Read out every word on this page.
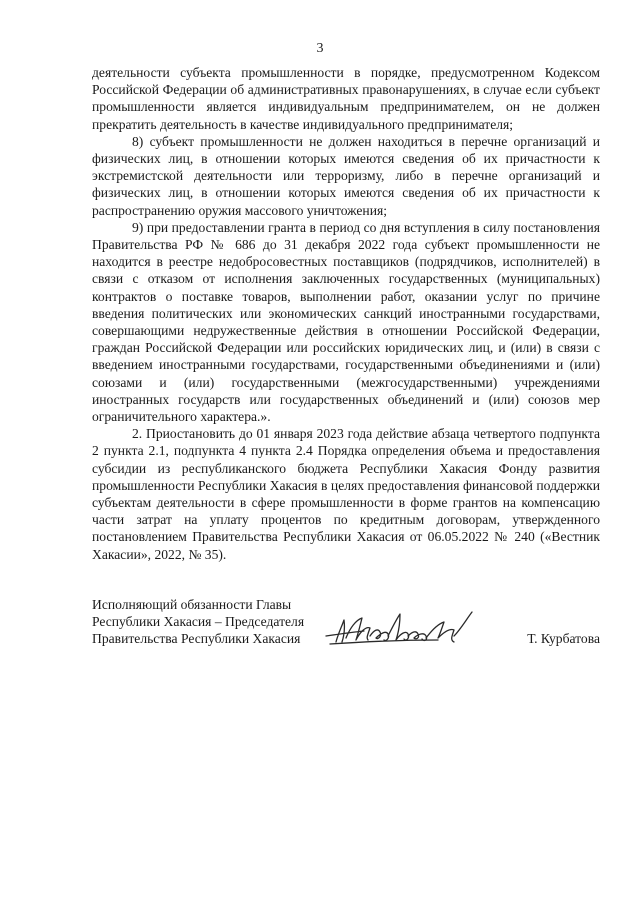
3

деятельности субъекта промышленности в порядке, предусмотренном Кодексом Российской Федерации об административных правонарушениях, в случае если субъект промышленности является индивидуальным предпринимателем, он не должен прекратить деятельность в качестве индивидуального предпринимателя;

8) субъект промышленности не должен находиться в перечне организаций и физических лиц, в отношении которых имеются сведения об их причастности к экстремистской деятельности или терроризму, либо в перечне организаций и физических лиц, в отношении которых имеются сведения об их причастности к распространению оружия массового уничтожения;

9) при предоставлении гранта в период со дня вступления в силу постановления Правительства РФ № 686 до 31 декабря 2022 года субъект промышленности не находится в реестре недобросовестных поставщиков (подрядчиков, исполнителей) в связи с отказом от исполнения заключенных государственных (муниципальных) контрактов о поставке товаров, выполнении работ, оказании услуг по причине введения политических или экономических санкций иностранными государствами, совершающими недружественные действия в отношении Российской Федерации, граждан Российской Федерации или российских юридических лиц, и (или) в связи с введением иностранными государствами, государственными объединениями и (или) союзами и (или) государственными (межгосударственными) учреждениями иностранных государств или государственных объединений и (или) союзов мер ограничительного характера.».

2. Приостановить до 01 января 2023 года действие абзаца четвертого подпункта 2 пункта 2.1, подпункта 4 пункта 2.4 Порядка определения объема и предоставления субсидии из республиканского бюджета Республики Хакасия Фонду развития промышленности Республики Хакасия в целях предоставления финансовой поддержки субъектам деятельности в сфере промышленности в форме грантов на компенсацию части затрат на уплату процентов по кредитным договорам, утвержденного постановлением Правительства Республики Хакасия от 06.05.2022 № 240 («Вестник Хакасии», 2022, № 35).

Исполняющий обязанности Главы
Республики Хакасия – Председателя
Правительства Республики Хакасия	Т. Курбатова
